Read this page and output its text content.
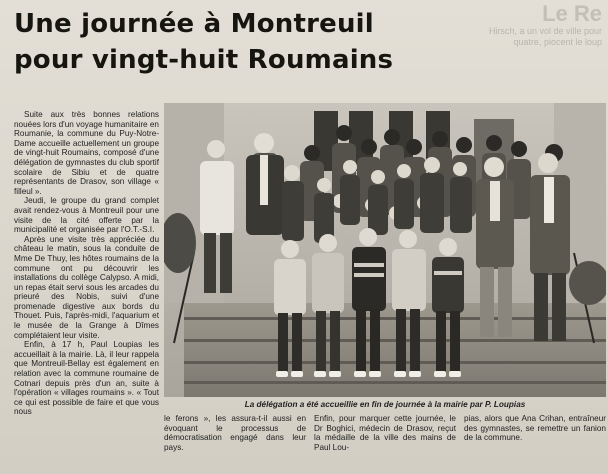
Le Re
Hirsch, a un vol de ville pour quatre, piocent le loup
Une journée à Montreuil
pour vingt-huit Roumains

Suite aux très bonnes relations nouées lors d'un voyage humanitaire en Roumanie, la commune du Puy-Notre-Dame accueille actuellement un groupe de vingt-huit Roumains, composé d'une délégation de gymnastes du club sportif scolaire de Sibiu et de quatre représentants de Drasov, son village « filleul ».

Jeudi, le groupe du grand complet avait rendez-vous à Montreuil pour une visite de la cité offerte par la municipalité et organisée par l'O.T.-S.I.

Après une visite très appréciée du château le matin, sous la conduite de Mme De Thuy, les hôtes roumains de la commune ont pu découvrir les installations du collège Calypso. A midi, un repas était servi sous les arcades du prieuré des Nobis, suivi d'une promenade digestive aux bords du Thouet. Puis, l'après-midi, l'aquarium et le musée de la Grange à Dîmes complétaient leur visite.

Enfin, à 17 h, Paul Loupias les accueillait à la mairie. Là, il leur rappela que Montreuil-Bellay est également en relation avec la commune roumaine de Cotnari depuis près d'un an, suite à l'opération « villages roumains ». « Tout ce qui est possible de faire et que vous nous

La délégation a été accueillie en fin de journée à la mairie par P. Loupias

le ferons », les assura-t-il aussi en évoquant le processus de démocratisation engagé dans leur pays.

Enfin, pour marquer cette journée, le Dr Boghici, médecin de Drasov, reçut la médaille de la ville des mains de Paul Lou-

pias, alors que Ana Crihan, entraîneur des gymnastes, se remettre un fanion de la commune.
